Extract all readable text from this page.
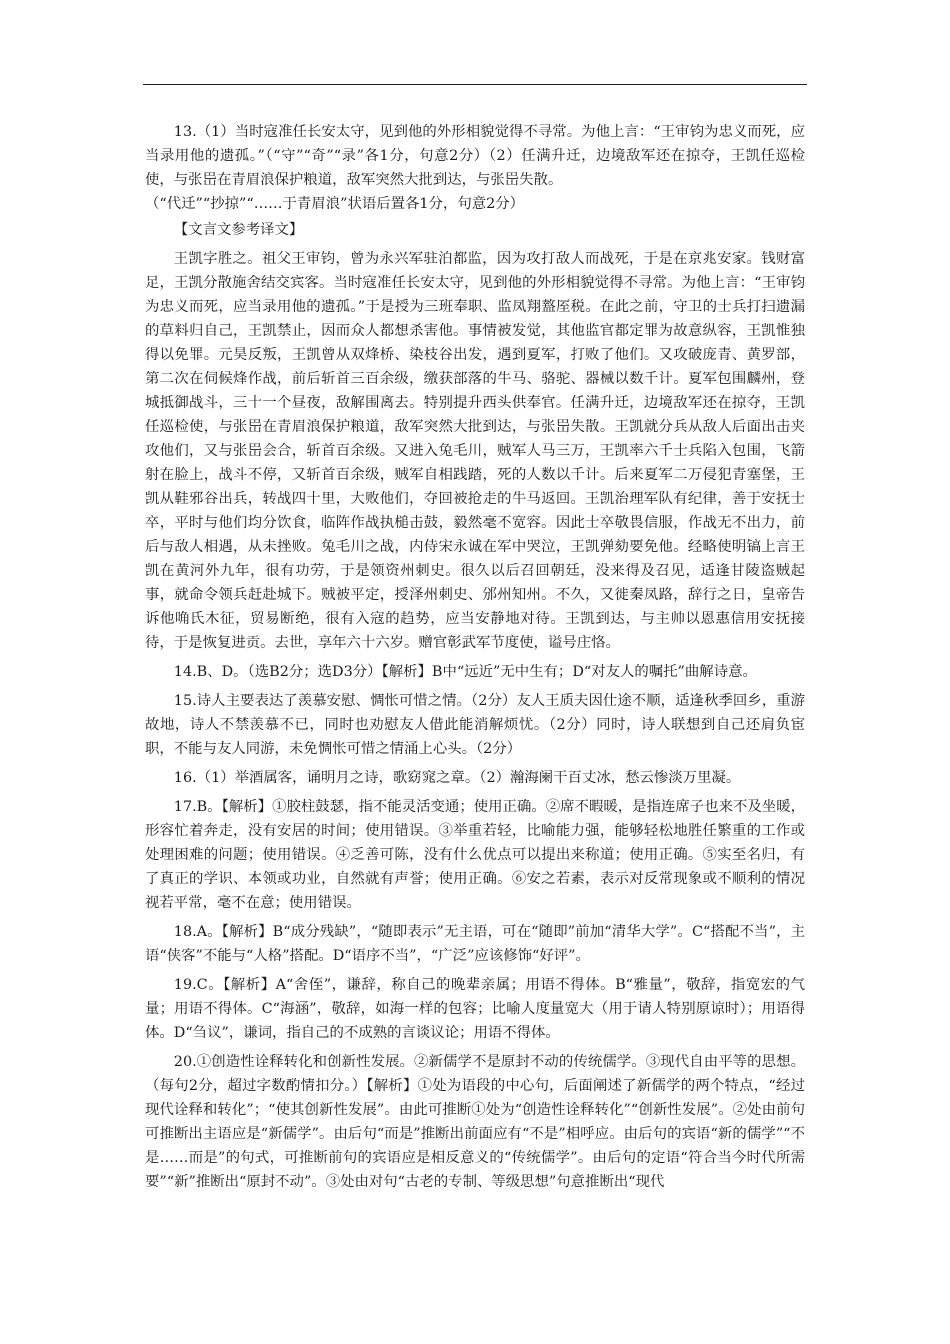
13.（1）当时寇准任长安太守，见到他的外形相貌觉得不寻常。为他上言：“王审钧为忠义而死，应当录用他的遗孤。”（“守”“奇”“录”各1分，句意2分）（2）任满升迁，边境敌军还在掠夺，王凯任巡检使，与张岊在青眉浪保护粮道，敌军突然大批到达，与张岊失散。

（“代迁”“抄掠”“……于青眉浪”状语后置各1分，句意2分）

【文言文参考译文】

王凯字胜之。祖父王审钧，曾为永兴军驻泊都监，因为攻打敌人而战死，于是在京兆安家。钱财富足，王凯分散施舍结交宾客。当时寇准任长安太守，见到他的外形相貌觉得不寻常。为他上言：“王审钧为忠义而死，应当录用他的遗孤。”于是授为三班奉职、监凤翔盩厔税。在此之前，守卫的士兵打扫遗漏的草料归自己，王凯禁止，因而众人都想杀害他。事情被发觉，其他监官都定罪为故意纵容，王凯惟独得以免罪。元昊反叛，王凯曾从双烽桥、染枝谷出发，遇到夏军，打败了他们。又攻破庞青、黄罗部，第二次在伺候烽作战，前后斩首三百余级，缴获部落的牛马、骆驼、器械以数千计。夏军包围麟州，登城抵御战斗，三十一个昼夜，敌解围离去。特别提升西头供奉官。任满升迁，边境敌军还在掠夺，王凯任巡检使，与张岊在青眉浪保护粮道，敌军突然大批到达，与张岊失散。王凯就分兵从敌人后面出击夹攻他们，又与张岊会合，斩首百余级。又进入兔毛川，贼军人马三万，王凯率六千士兵陷入包围，飞箭射在脸上，战斗不停，又斩首百余级，贼军自相践踏，死的人数以千计。后来夏军二万侵犯青塞堡，王凯从鞋邪谷出兵，转战四十里，大败他们，夺回被抢走的牛马返回。王凯治理军队有纪律，善于安抚士卒，平时与他们均分饮食，临阵作战执槌击鼓，毅然毫不宽容。因此士卒敬畏信服，作战无不出力，前后与敌人相遇，从未挫败。兔毛川之战，内侍宋永诚在军中哭泣，王凯弹劾要免他。经略使明镐上言王凯在黄河外九年，很有功劳，于是领资州刺史。很久以后召回朝廷，没来得及召见，适逢甘陵盗贼起事，就命令领兵赶赴城下。贼被平定，授泽州刺史、邠州知州。不久，又徙秦凤路，辞行之日，皇帝告诉他唃氏木征，贸易断绝，很有入寇的趋势，应当安静地对待。王凯到达，与主帅以恩惠信用安抚接待，于是恢复进贡。去世，享年六十六岁。赠官彰武军节度使，谥号庄恪。

14.B、D。（选B2分；选D3分）【解析】B中“远近”无中生有；D“对友人的嘱托”曲解诗意。

15.诗人主要表达了羡慕安慰、惆怅可惜之情。（2分）友人王质夫因仕途不顺，适逢秋季回乡，重游故地，诗人不禁羡慕不已，同时也劝慰友人借此能消解烦忧。（2分）同时，诗人联想到自己还肩负宦职，不能与友人同游，未免惆怅可惜之情涌上心头。（2分）

16.（1）举酒属客，诵明月之诗，歌窈窕之章。（2）瀚海阑干百丈冰，愁云惨淡万里凝。

17.B。【解析】①胶柱鼓瑟，指不能灵活变通；使用正确。②席不暇暖，是指连席子也来不及坐暖，形容忙着奔走，没有安居的时间；使用错误。③举重若轻，比喻能力强，能够轻松地胜任繁重的工作或处理困难的问题；使用错误。④乏善可陈，没有什么优点可以提出来称道；使用正确。⑤实至名归，有了真正的学识、本领或功业，自然就有声誉；使用正确。⑥安之若素，表示对反常现象或不顺利的情况视若平常，毫不在意；使用错误。

18.A。【解析】B“成分残缺”，“随即表示”无主语，可在“随即”前加“清华大学”。C“搭配不当”，主语“侠客”不能与“人格”搭配。D“语序不当”，“广泛”应该修饰“好评”。

19.C。【解析】A“舍侄”，谦辞，称自己的晚辈亲属；用语不得体。B“雅量”，敬辞，指宽宏的气量；用语不得体。C“海涵”，敬辞，如海一样的包容；比喻人度量宽大（用于请人特别原谅时）；用语得体。D“刍议”，谦词，指自己的不成熟的言谈议论；用语不得体。

20.①创造性诠释转化和创新性发展。②新儒学不是原封不动的传统儒学。③现代自由平等的思想。（每句2分，超过字数酌情扣分。）【解析】①处为语段的中心句，后面阐述了新儒学的两个特点，“经过现代诠释和转化”；“使其创新性发展”。由此可推断①处为“创造性诠释转化”“创新性发展”。②处由前句可推断出主语应是“新儒学”。由后句“而是”推断出前面应有“不是”相呼应。由后句的宾语“新的儒学”“不是……而是”的句式，可推断前句的宾语应是相反意义的“传统儒学”。由后句的定语“符合当今时代所需要”“新”推断出“原封不动”。③处由对句“古老的专制、等级思想”句意推断出“现代
